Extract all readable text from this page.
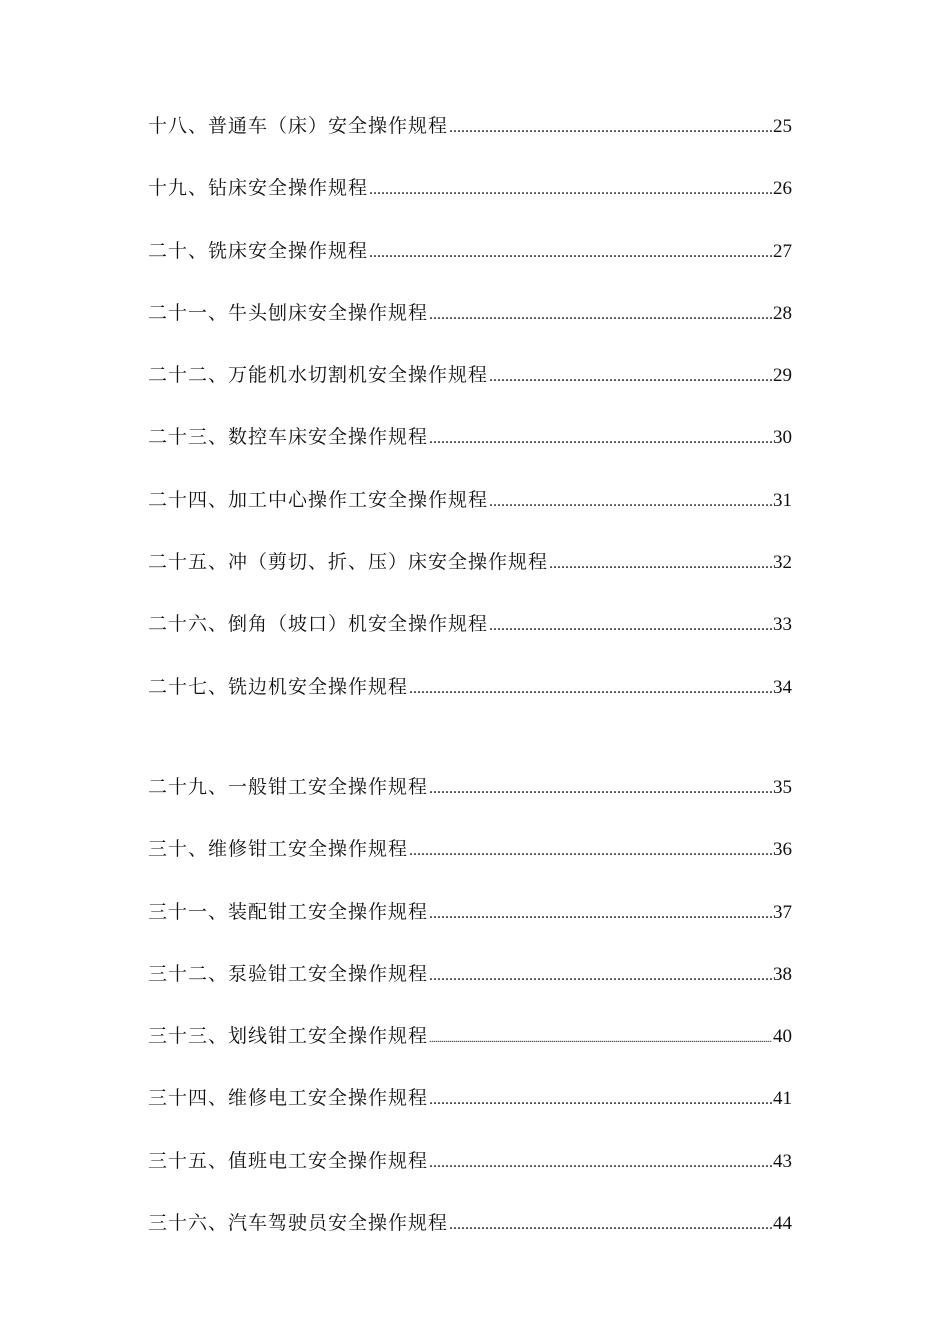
十八、普通车（床）安全操作规程 .....	25
十九、钻床安全操作规程 .....	26
二十、铣床安全操作规程 .....	27
二十一、牛头刨床安全操作规程 .....	28
二十二、万能机水切割机安全操作规程 .....	29
二十三、数控车床安全操作规程 .....	30
二十四、加工中心操作工安全操作规程 .....	31
二十五、冲（剪切、折、压）床安全操作规程 .....	32
二十六、倒角（坡口）机安全操作规程 .....	33
二十七、铣边机安全操作规程 .....	34
二十九、一般钳工安全操作规程 .....	35
三十、维修钳工安全操作规程 .....	36
三十一、装配钳工安全操作规程 .....	37
三十二、泵验钳工安全操作规程 .....	38
三十三、划线钳工安全操作规程 .....	40
三十四、维修电工安全操作规程 .....	41
三十五、值班电工安全操作规程 .....	43
三十六、汽车驾驶员安全操作规程 .....	44
